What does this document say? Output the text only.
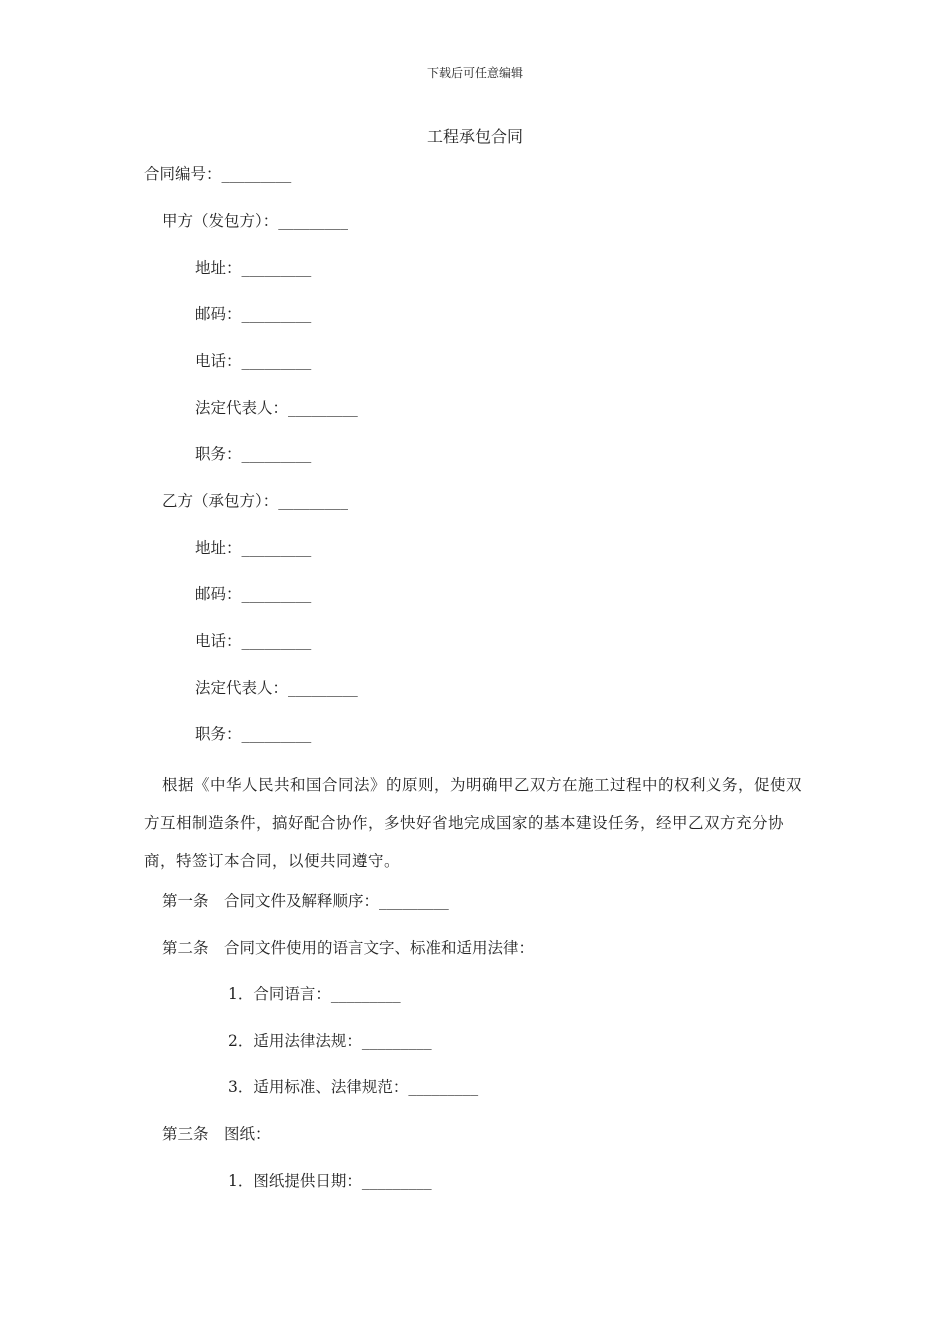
下载后可任意编辑
工程承包合同
合同编号：_________
甲方（发包方）：_________
地址：_________
邮码：_________
电话：_________
法定代表人：_________
职务：_________
乙方（承包方）：_________
地址：_________
邮码：_________
电话：_________
法定代表人：_________
职务：_________
根据《中华人民共和国合同法》的原则，为明确甲乙双方在施工过程中的权利义务，促使双方互相制造条件，搞好配合协作，多快好省地完成国家的基本建设任务，经甲乙双方充分协商，特签订本合同，以便共同遵守。
第一条　合同文件及解释顺序：_________
第二条　合同文件使用的语言文字、标准和适用法律：
1．合同语言：_________
2．适用法律法规：_________
3．适用标准、法律规范：_________
第三条　图纸：
1．图纸提供日期：_________
